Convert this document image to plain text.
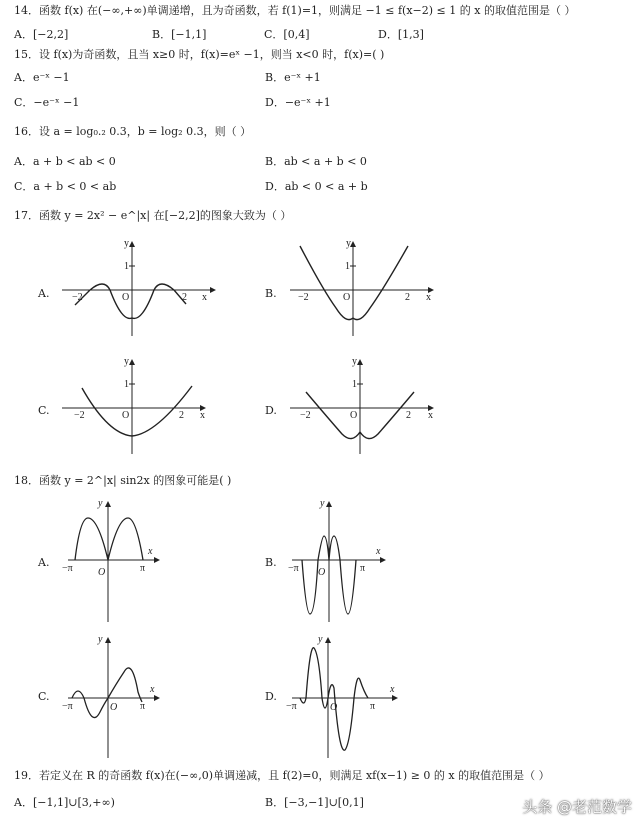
14．函数 f(x) 在(−∞,+∞)单调递增，且为奇函数，若 f(1)=1，则满足 −1 ≤ f(x−2) ≤ 1 的 x 的取值范围是（ ）
A．[−2,2]	B．[−1,1]	C．[0,4]	D．[1,3]
15．设 f(x)为奇函数，且当 x≥0 时，f(x)=eˣ −1，则当 x<0 时，f(x)=( )
A．e⁻ˣ −1	B．e⁻ˣ +1
C．−e⁻ˣ −1	D．−e⁻ˣ +1
16．设 a = log₀.₂ 0.3，b = log₂ 0.3，则（ ）
A．a + b < ab < 0	B．ab < a + b < 0
C．a + b < 0 < ab	D．ab < 0 < a + b
17．函数 y = 2x² − e^|x| 在[−2,2]的图象大致为（ ）
A.	B.
C.	D.
y
1
−2	O	2 x
y
1
−2	O	2 x
y
1
−2	O	2 x
y
1
−2	O	2 x
18．函数 y = 2^|x| sin2x 的图象可能是( )
A.	B.
C.	D.
y
x
−π	O	π
y
x
−π O	π
y
x
−π	O π
y
x
−π	O	π
19．若定义在 R 的奇函数 f(x)在(−∞,0)单调递减，且 f(2)=0，则满足 xf(x−1) ≥ 0 的 x 的取值范围是（ ）
A．[−1,1]∪[3,+∞)	B．[−3,−1]∪[0,1]	头条 @老范数学
